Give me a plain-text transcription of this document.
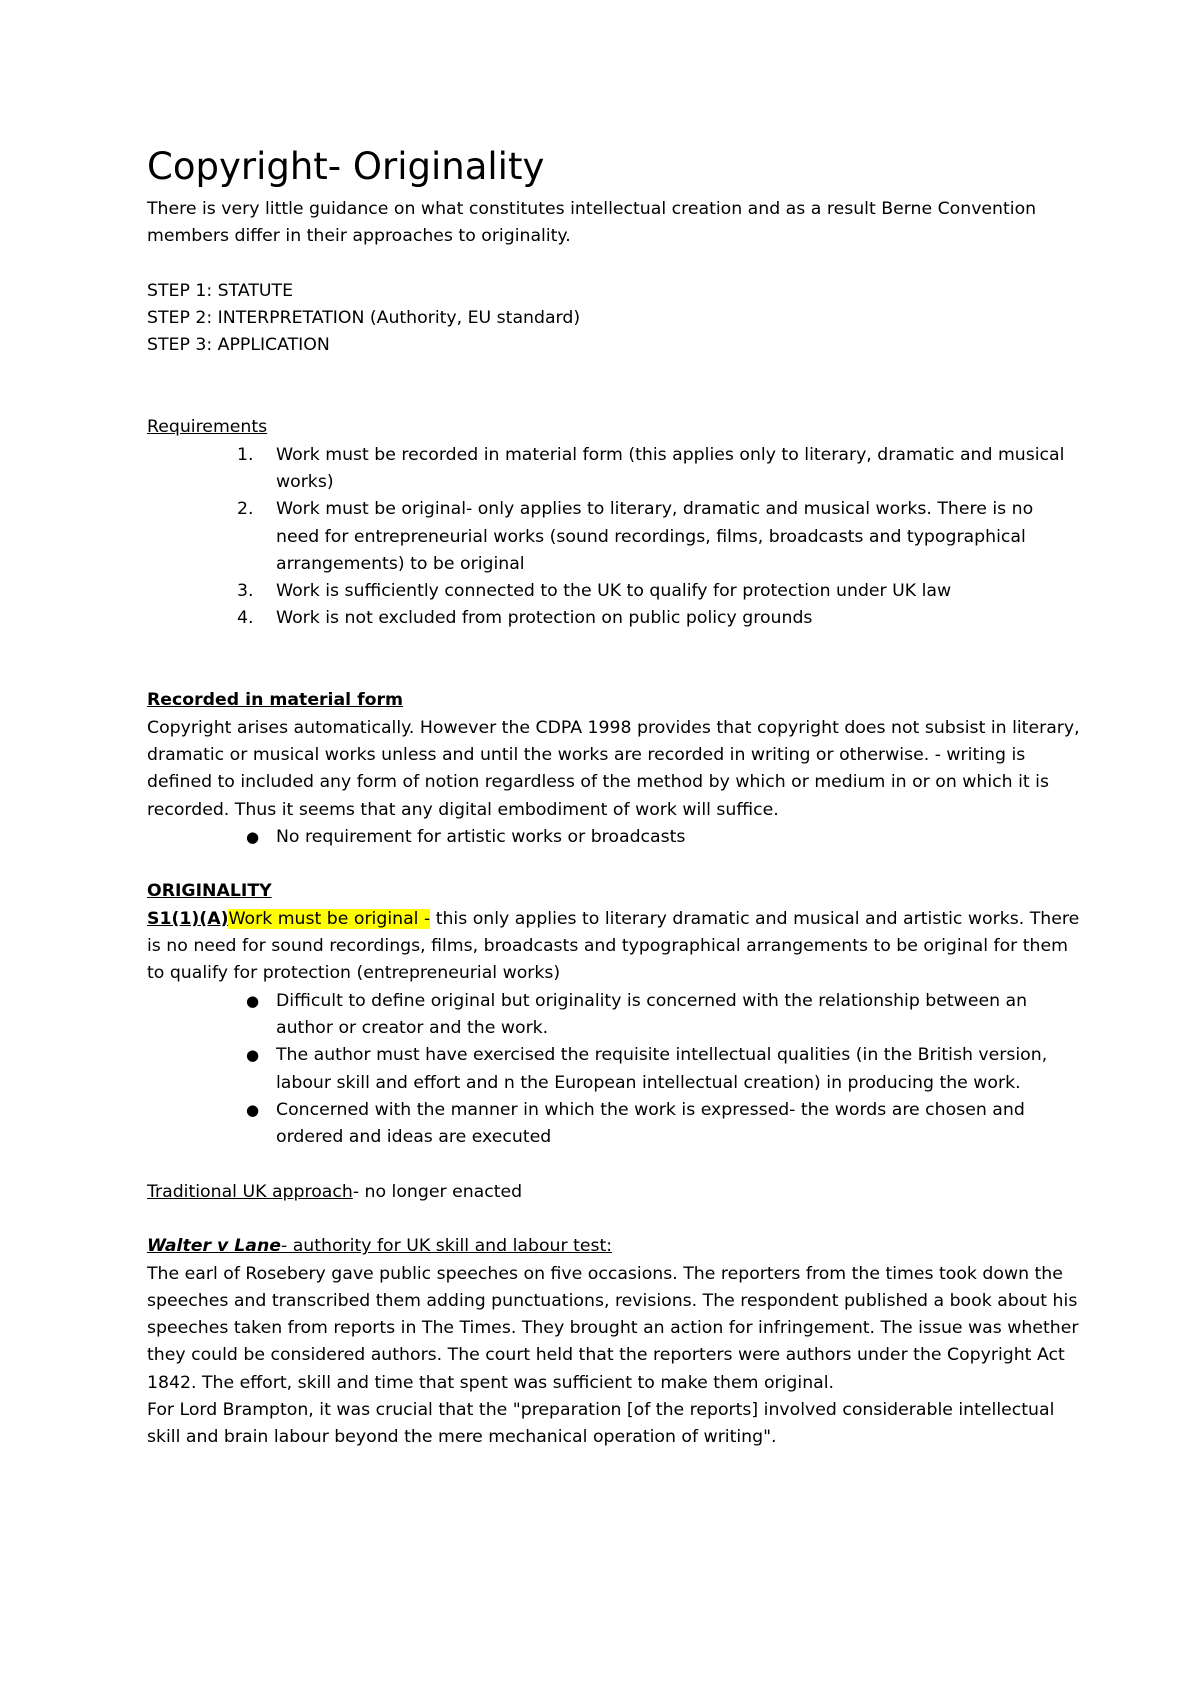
Copyright- Originality

There is very little guidance on what constitutes intellectual creation and as a result Berne Convention members differ in their approaches to originality.

STEP 1: STATUTE

STEP 2: INTERPRETATION (Authority, EU standard)

STEP 3: APPLICATION

Requirements

1. Work must be recorded in material form (this applies only to literary, dramatic and musical works)
2. Work must be original- only applies to literary, dramatic and musical works. There is no need for entrepreneurial works (sound recordings, films, broadcasts and typographical arrangements) to be original
3. Work is sufficiently connected to the UK to qualify for protection under UK law
4. Work is not excluded from protection on public policy grounds

Recorded in material form

Copyright arises automatically. However the CDPA 1998 provides that copyright does not subsist in literary, dramatic or musical works unless and until the works are recorded in writing or otherwise. - writing is defined to included any form of notion regardless of the method by which or medium in or on which it is recorded. Thus it seems that any digital embodiment of work will suffice.

● No requirement for artistic works or broadcasts

ORIGINALITY

S1(1)(A)Work must be original - this only applies to literary dramatic and musical and artistic works. There is no need for sound recordings, films, broadcasts and typographical arrangements to be original for them to qualify for protection (entrepreneurial works)

● Difficult to define original but originality is concerned with the relationship between an author or creator and the work.
● The author must have exercised the requisite intellectual qualities (in the British version, labour skill and effort and n the European intellectual creation) in producing the work.
● Concerned with the manner in which the work is expressed- the words are chosen and ordered and ideas are executed

Traditional UK approach- no longer enacted

Walter v Lane- authority for UK skill and labour test:

The earl of Rosebery gave public speeches on five occasions. The reporters from the times took down the speeches and transcribed them adding punctuations, revisions. The respondent published a book about his speeches taken from reports in The Times. They brought an action for infringement. The issue was whether they could be considered authors. The court held that the reporters were authors under the Copyright Act 1842. The effort, skill and time that spent was sufficient to make them original.

For Lord Brampton, it was crucial that the "preparation [of the reports] involved considerable intellectual skill and brain labour beyond the mere mechanical operation of writing".
